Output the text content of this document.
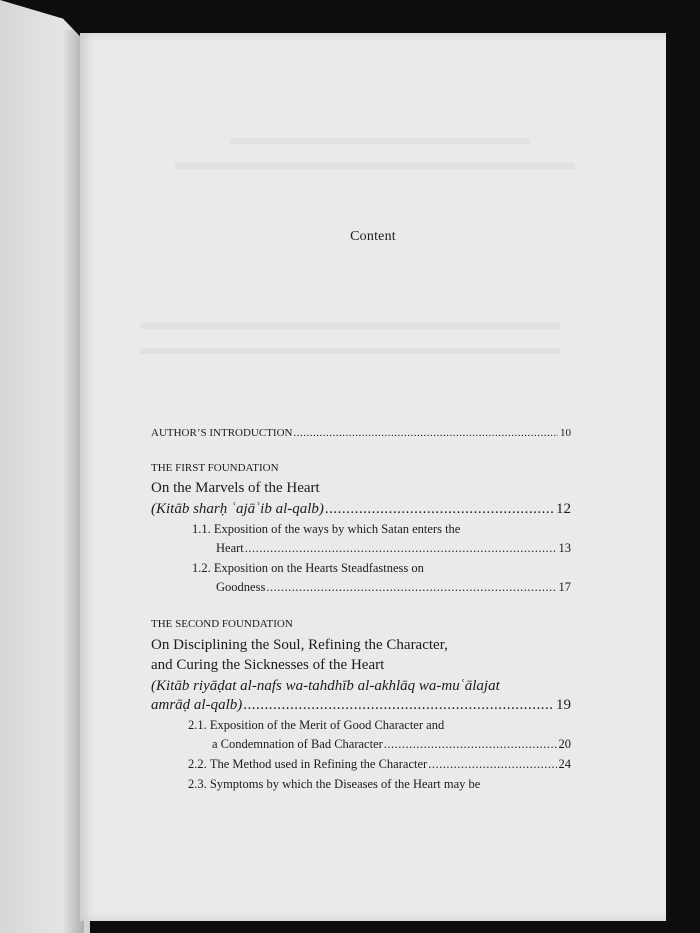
Content
AUTHOR’S INTRODUCTION .....	10
THE FIRST FOUNDATION
On the Marvels of the Heart
(Kitāb sharḥ ʿajāʾib al-qalb) .....	12
1.1. Exposition of the ways by which Satan enters the
Heart .....	13
1.2. Exposition on the Hearts Steadfastness on
Goodness .....	17
THE SECOND FOUNDATION
On Disciplining the Soul, Refining the Character,
and Curing the Sicknesses of the Heart
(Kitāb riyāḍat al-nafs wa-tahdhīb al-akhlāq wa-muʿālajat
amrāḍ al-qalb) .....	19
2.1. Exposition of the Merit of Good Character and
a Condemnation of Bad Character .....	20
2.2.
The Method used in Refining the Character .....	24
2.3. Symptoms by which the Diseases of the Heart may be
